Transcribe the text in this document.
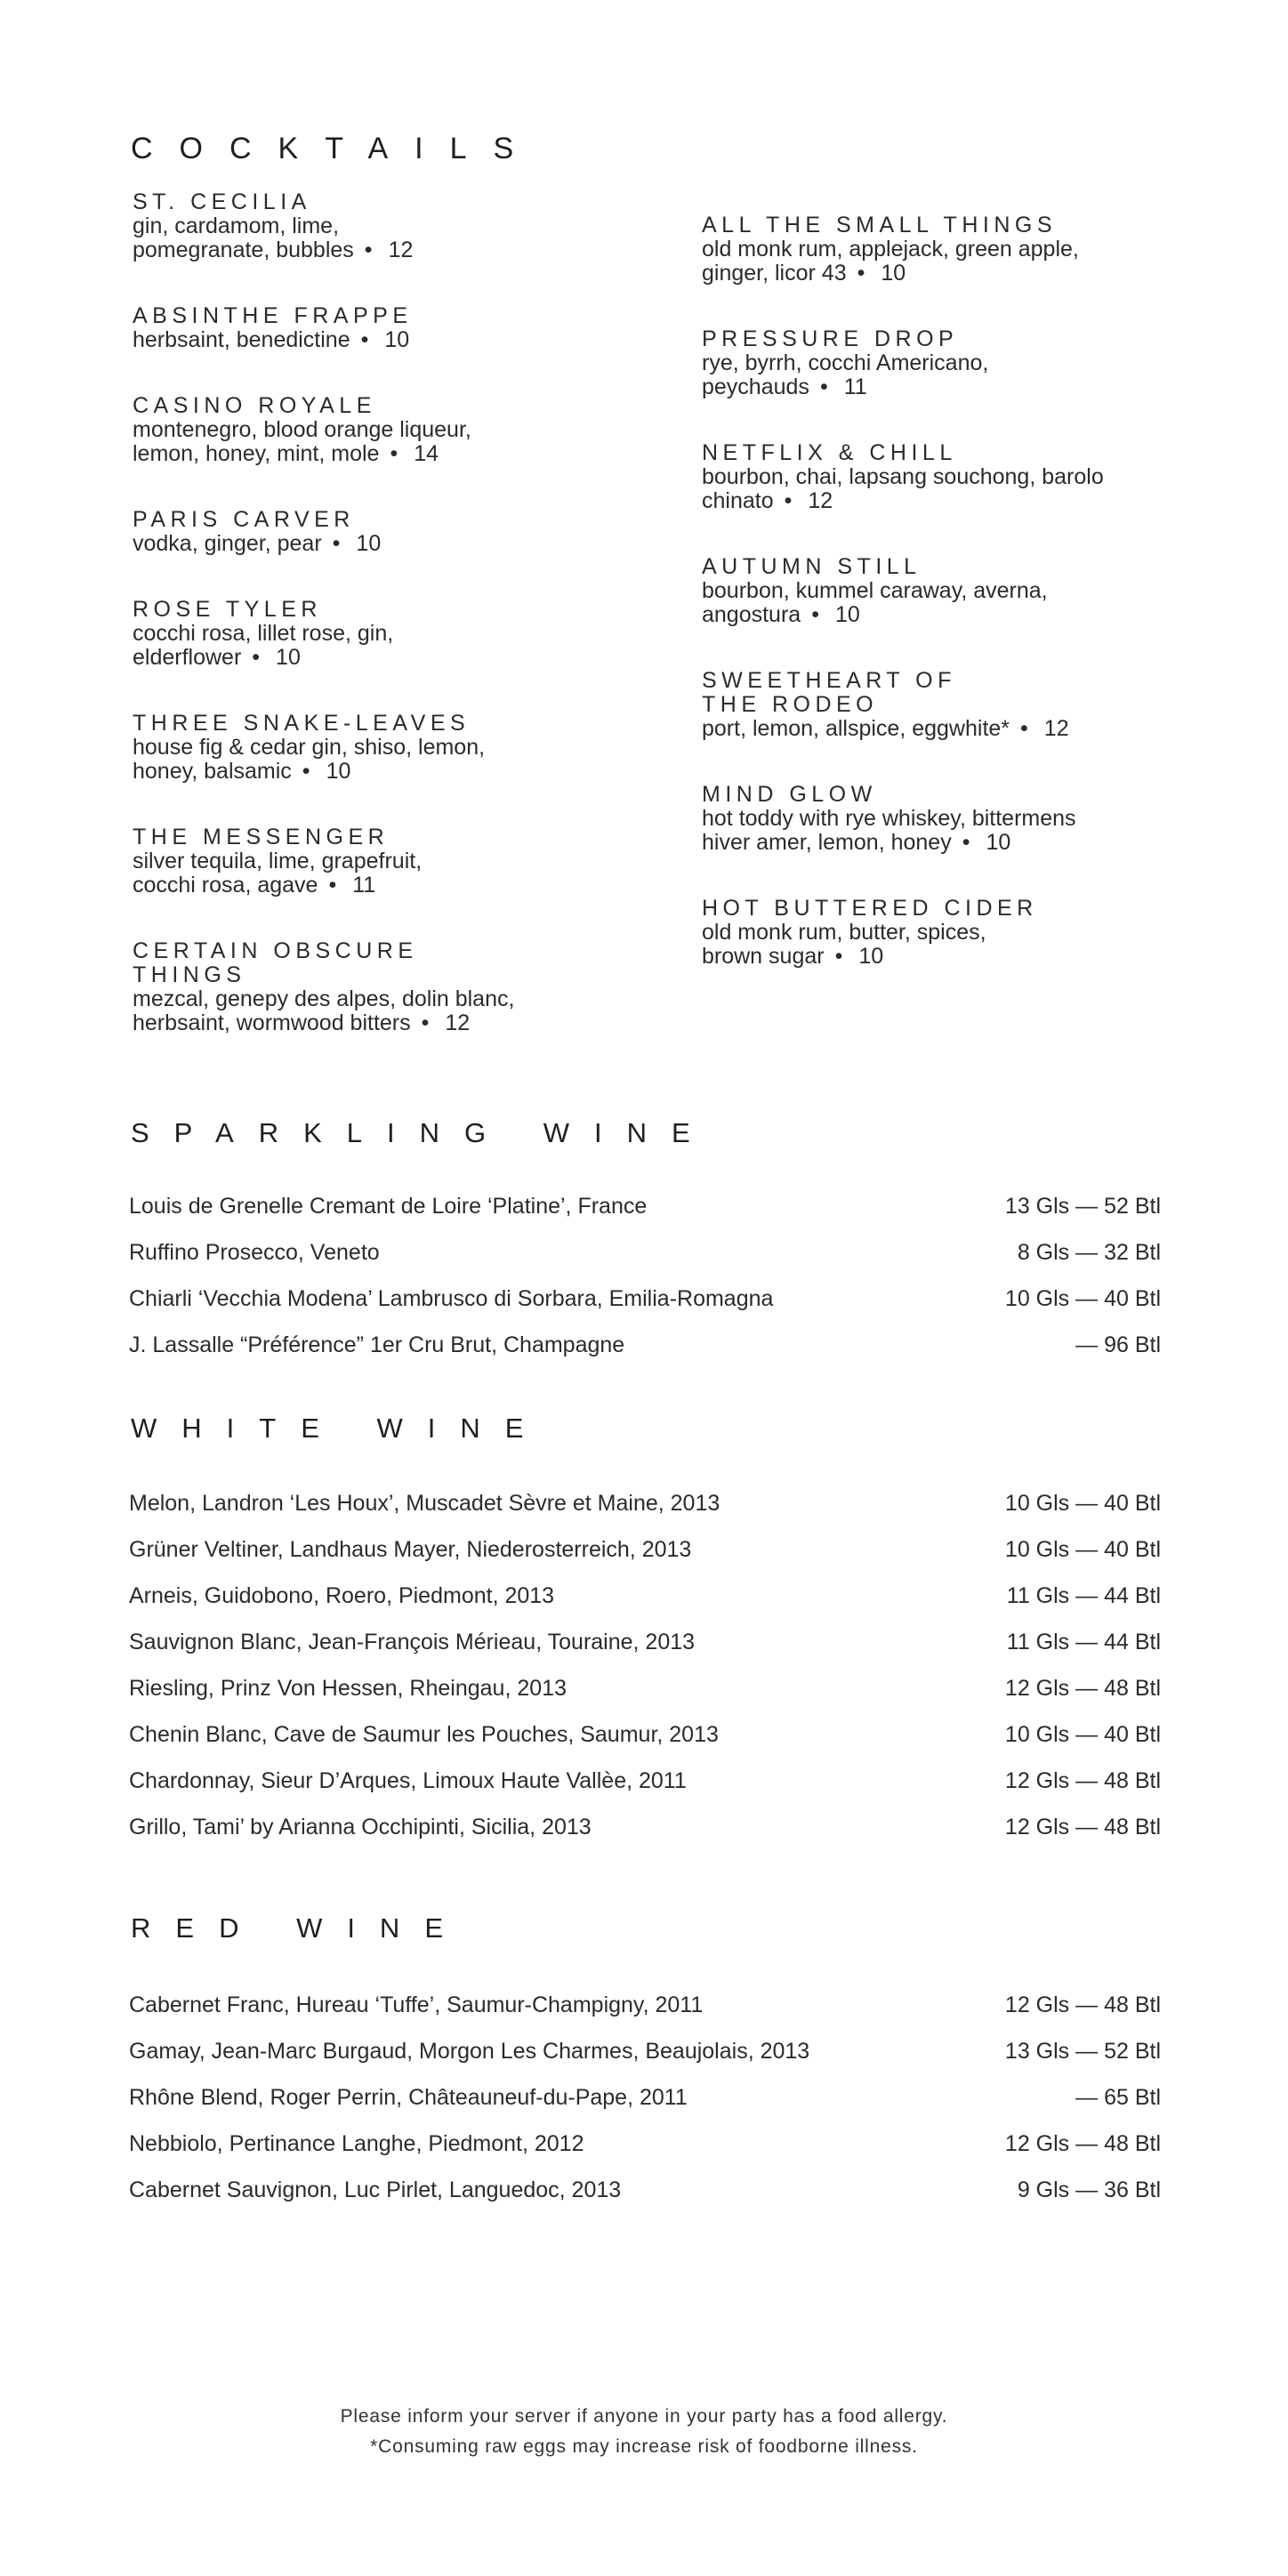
COCKTAILS
ST. CECILIA
gin, cardamom, lime,
pomegranate, bubbles • 12
ABSINTHE FRAPPE
herbsaint, benedictine • 10
CASINO ROYALE
montenegro, blood orange liqueur,
lemon, honey, mint, mole • 14
PARIS CARVER
vodka, ginger, pear • 10
ROSE TYLER
cocchi rosa, lillet rose, gin,
elderflower • 10
THREE SNAKE-LEAVES
house fig & cedar gin, shiso, lemon,
honey, balsamic • 10
THE MESSENGER
silver tequila, lime, grapefruit,
cocchi rosa, agave • 11
CERTAIN OBSCURE
THINGS
mezcal, genepy des alpes, dolin blanc,
herbsaint, wormwood bitters • 12
ALL THE SMALL THINGS
old monk rum, applejack, green apple,
ginger, licor 43 • 10
PRESSURE DROP
rye, byrrh, cocchi Americano,
peychauds • 11
NETFLIX & CHILL
bourbon, chai, lapsang souchong, barolo
chinato • 12
AUTUMN STILL
bourbon, kummel caraway, averna,
angostura • 10
SWEETHEART OF
THE RODEO
port, lemon, allspice, eggwhite* • 12
MIND GLOW
hot toddy with rye whiskey, bittermens
hiver amer, lemon, honey • 10
HOT BUTTERED CIDER
old monk rum, butter, spices,
brown sugar • 10
SPARKLING WINE
Louis de Grenelle Cremant de Loire ‘Platine’, France	13 Gls — 52 Btl
Ruffino Prosecco, Veneto	8 Gls — 32 Btl
Chiarli ‘Vecchia Modena’ Lambrusco di Sorbara, Emilia-Romagna	10 Gls — 40 Btl
J. Lassalle “Préférence” 1er Cru Brut, Champagne	— 96 Btl
WHITE WINE
Melon, Landron ‘Les Houx’, Muscadet Sèvre et Maine, 2013	10 Gls — 40 Btl
Grüner Veltiner, Landhaus Mayer, Niederosterreich, 2013	10 Gls — 40 Btl
Arneis, Guidobono, Roero, Piedmont, 2013	11 Gls — 44 Btl
Sauvignon Blanc, Jean-François Mérieau, Touraine, 2013	11 Gls — 44 Btl
Riesling, Prinz Von Hessen, Rheingau, 2013	12 Gls — 48 Btl
Chenin Blanc, Cave de Saumur les Pouches, Saumur, 2013	10 Gls — 40 Btl
Chardonnay, Sieur D’Arques, Limoux Haute Vallèe, 2011	12 Gls — 48 Btl
Grillo, Tami’ by Arianna Occhipinti, Sicilia, 2013	12 Gls — 48 Btl
RED WINE
Cabernet Franc, Hureau ‘Tuffe’, Saumur-Champigny, 2011	12 Gls — 48 Btl
Gamay, Jean-Marc Burgaud, Morgon Les Charmes, Beaujolais, 2013	13 Gls — 52 Btl
Rhône Blend, Roger Perrin, Châteauneuf-du-Pape, 2011	— 65 Btl
Nebbiolo, Pertinance Langhe, Piedmont, 2012	12 Gls — 48 Btl
Cabernet Sauvignon, Luc Pirlet, Languedoc, 2013	9 Gls — 36 Btl
Please inform your server if anyone in your party has a food allergy.
*Consuming raw eggs may increase risk of foodborne illness.
